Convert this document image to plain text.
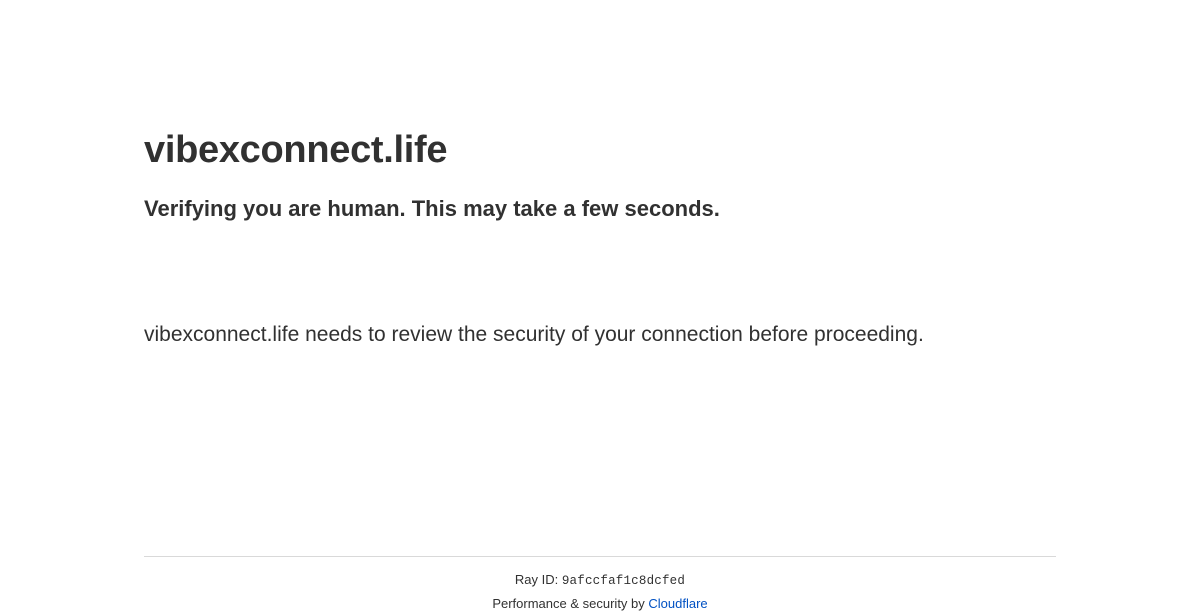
vibexconnect.life
Verifying you are human. This may take a few seconds.

vibexconnect.life needs to review the security of your connection before proceeding.

Ray ID: 9afccfaf1c8dcfed
Performance & security by Cloudflare
